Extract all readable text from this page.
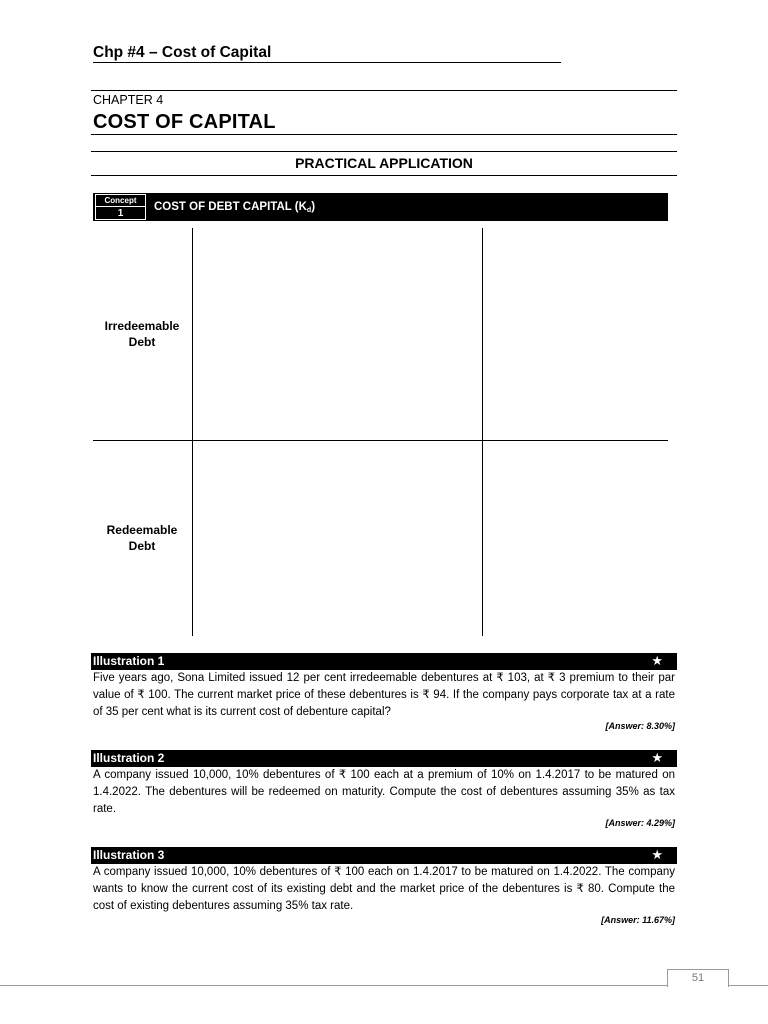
Chp #4 – Cost of Capital
CHAPTER 4
COST OF CAPITAL
PRACTICAL APPLICATION
Concept
1
COST OF DEBT CAPITAL $(K_d)$
Irredeemable Debt
Redeemable Debt
Illustration 1	★
Five years ago, Sona Limited issued 12 per cent irredeemable debentures at ₹ 103, at ₹ 3 premium to their par value of ₹ 100. The current market price of these debentures is ₹ 94. If the company pays corporate tax at a rate of 35 per cent what is its current cost of debenture capital?
[Answer: 8.30%]
Illustration 2	★
A company issued 10,000, 10% debentures of ₹ 100 each at a premium of 10% on 1.4.2017 to be matured on 1.4.2022. The debentures will be redeemed on maturity. Compute the cost of debentures assuming 35% as tax rate.
[Answer: 4.29%]
Illustration 3	★
A company issued 10,000, 10% debentures of ₹ 100 each on 1.4.2017 to be matured on 1.4.2022. The company wants to know the current cost of its existing debt and the market price of the debentures is ₹ 80. Compute the cost of existing debentures assuming 35% tax rate.
[Answer: 11.67%]
51
